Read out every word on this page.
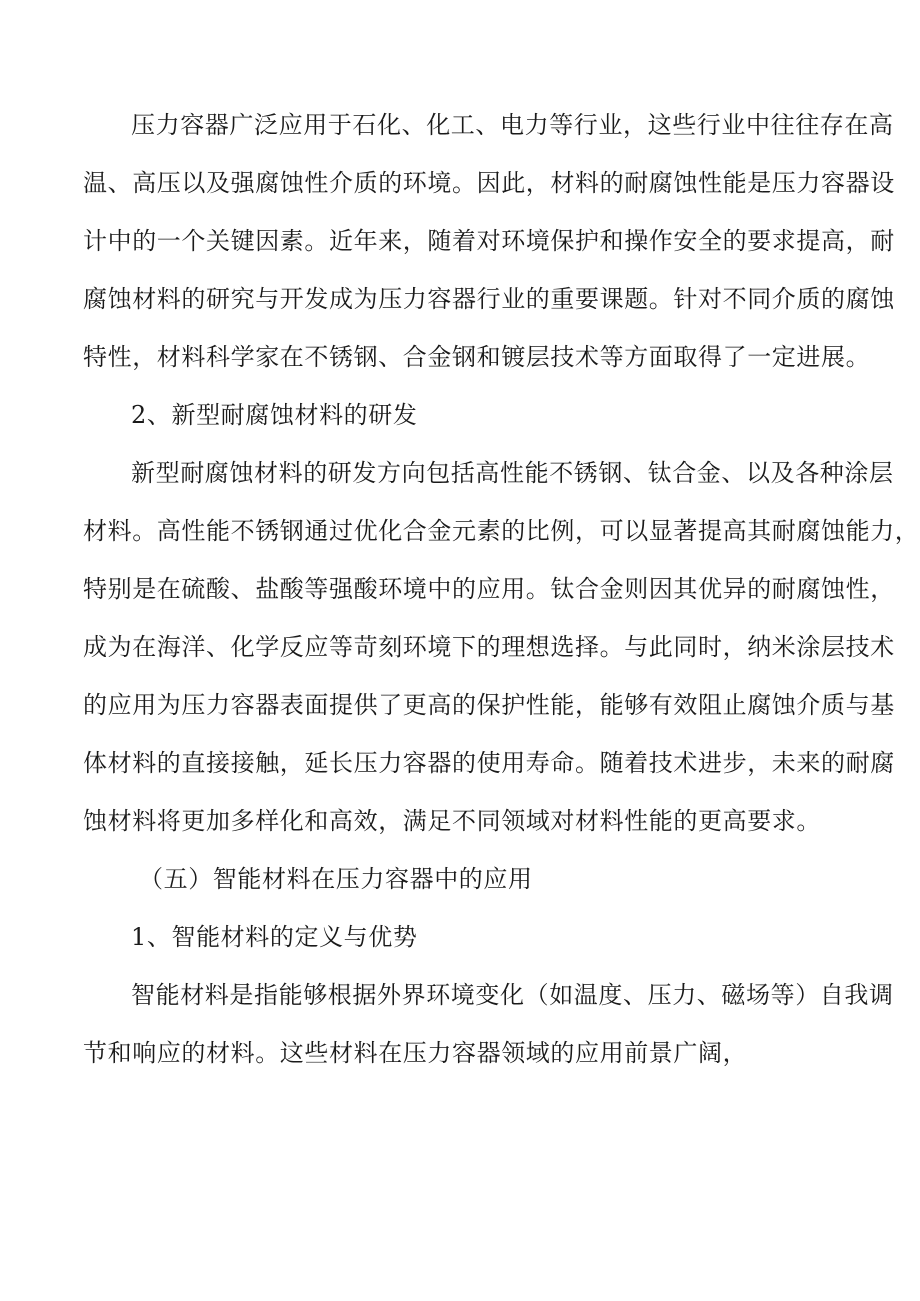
压力容器广泛应用于石化、化工、电力等行业，这些行业中往往存在高
温、高压以及强腐蚀性介质的环境。因此，材料的耐腐蚀性能是压力容器设
计中的一个关键因素。近年来，随着对环境保护和操作安全的要求提高，耐
腐蚀材料的研究与开发成为压力容器行业的重要课题。针对不同介质的腐蚀
特性，材料科学家在不锈钢、合金钢和镀层技术等方面取得了一定进展。
2、新型耐腐蚀材料的研发
新型耐腐蚀材料的研发方向包括高性能不锈钢、钛合金、以及各种涂层
材料。高性能不锈钢通过优化合金元素的比例，可以显著提高其耐腐蚀能力，
特别是在硫酸、盐酸等强酸环境中的应用。钛合金则因其优异的耐腐蚀性，
成为在海洋、化学反应等苛刻环境下的理想选择。与此同时，纳米涂层技术
的应用为压力容器表面提供了更高的保护性能，能够有效阻止腐蚀介质与基
体材料的直接接触，延长压力容器的使用寿命。随着技术进步，未来的耐腐
蚀材料将更加多样化和高效，满足不同领域对材料性能的更高要求。
（五）智能材料在压力容器中的应用
1、智能材料的定义与优势
智能材料是指能够根据外界环境变化（如温度、压力、磁场等）自我调
节和响应的材料。这些材料在压力容器领域的应用前景广阔，
